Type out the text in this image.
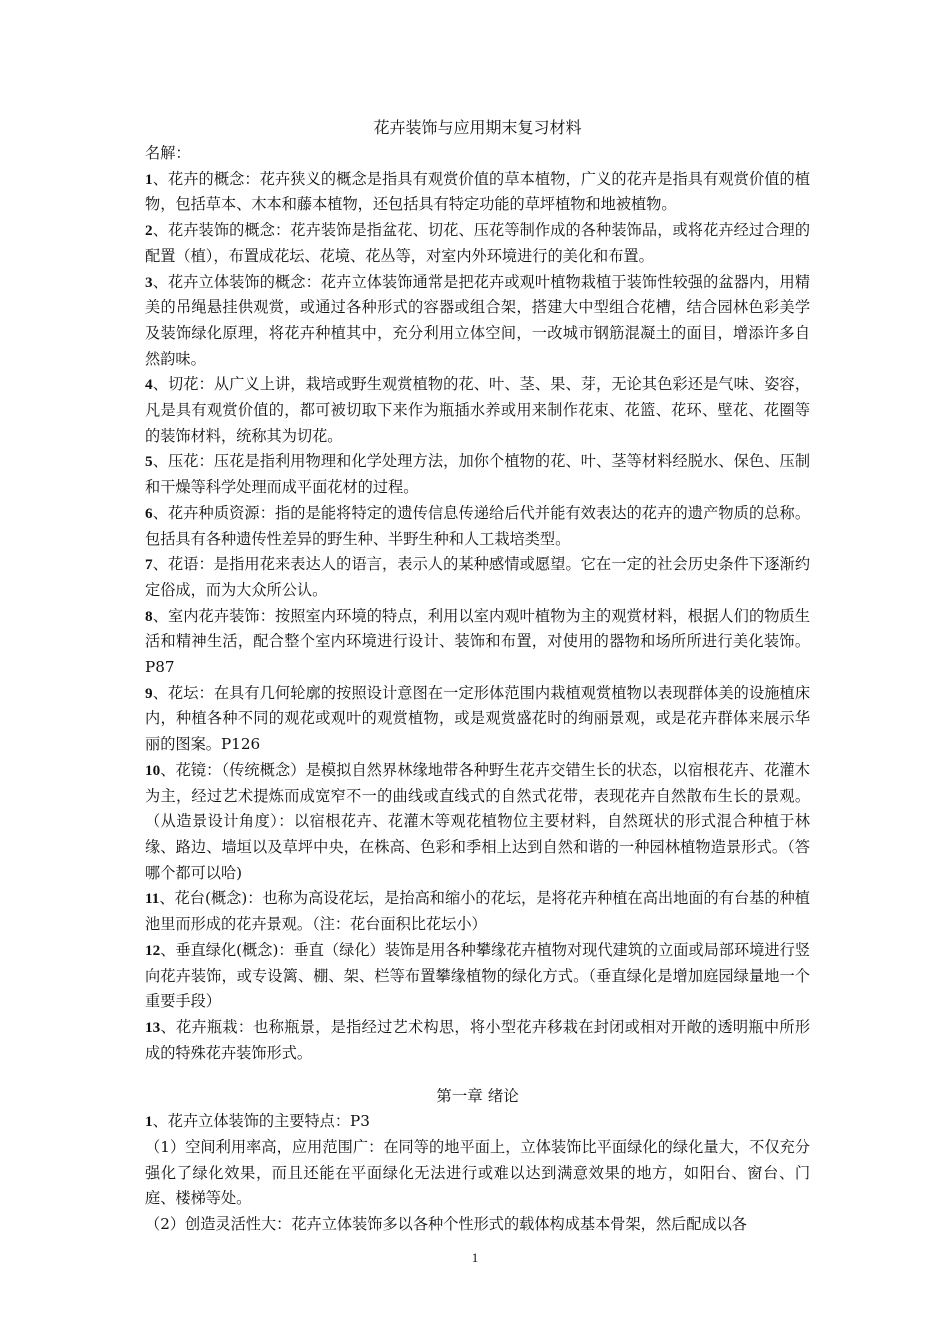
花卉装饰与应用期末复习材料

名解：

1、花卉的概念：花卉狭义的概念是指具有观赏价值的草本植物，广义的花卉是指具有观赏价值的植物，包括草本、木本和藤本植物，还包括具有特定功能的草坪植物和地被植物。

2、花卉装饰的概念：花卉装饰是指盆花、切花、压花等制作成的各种装饰品，或将花卉经过合理的配置（植），布置成花坛、花境、花丛等，对室内外环境进行的美化和布置。

3、花卉立体装饰的概念：花卉立体装饰通常是把花卉或观叶植物栽植于装饰性较强的盆器内，用精美的吊绳悬挂供观赏，或通过各种形式的容器或组合架，搭建大中型组合花槽，结合园林色彩美学及装饰绿化原理，将花卉种植其中，充分利用立体空间，一改城市钢筋混凝土的面目，增添许多自然韵味。

4、切花：从广义上讲，栽培或野生观赏植物的花、叶、茎、果、芽，无论其色彩还是气味、姿容，凡是具有观赏价值的，都可被切取下来作为瓶插水养或用来制作花束、花篮、花环、壁花、花圈等的装饰材料，统称其为切花。

5、压花：压花是指利用物理和化学处理方法，加你个植物的花、叶、茎等材料经脱水、保色、压制和干燥等科学处理而成平面花材的过程。

6、花卉种质资源：指的是能将特定的遗传信息传递给后代并能有效表达的花卉的遗产物质的总称。包括具有各种遗传性差异的野生种、半野生种和人工栽培类型。

7、花语：是指用花来表达人的语言，表示人的某种感情或愿望。它在一定的社会历史条件下逐渐约定俗成，而为大众所公认。

8、室内花卉装饰：按照室内环境的特点，利用以室内观叶植物为主的观赏材料，根据人们的物质生活和精神生活，配合整个室内环境进行设计、装饰和布置，对使用的器物和场所所进行美化装饰。P87

9、花坛：在具有几何轮廓的按照设计意图在一定形体范围内栽植观赏植物以表现群体美的设施植床内，种植各种不同的观花或观叶的观赏植物，或是观赏盛花时的绚丽景观，或是花卉群体来展示华丽的图案。P126

10、花镜：（传统概念）是模拟自然界林缘地带各种野生花卉交错生长的状态，以宿根花卉、花灌木为主，经过艺术提炼而成宽窄不一的曲线或直线式的自然式花带，表现花卉自然散布生长的景观。（从造景设计角度）：以宿根花卉、花灌木等观花植物位主要材料，自然斑状的形式混合种植于林缘、路边、墙垣以及草坪中央，在株高、色彩和季相上达到自然和谐的一种园林植物造景形式。（答哪个都可以哈)

11、花台(概念)：也称为高设花坛，是抬高和缩小的花坛，是将花卉种植在高出地面的有台基的种植池里而形成的花卉景观。（注：花台面积比花坛小）

12、垂直绿化(概念)：垂直（绿化）装饰是用各种攀缘花卉植物对现代建筑的立面或局部环境进行竖向花卉装饰，或专设篱、棚、架、栏等布置攀缘植物的绿化方式。（垂直绿化是增加庭园绿量地一个重要手段）

13、花卉瓶栽：也称瓶景，是指经过艺术构思，将小型花卉移栽在封闭或相对开敞的透明瓶中所形成的特殊花卉装饰形式。

第一章 绪论

1、花卉立体装饰的主要特点：P3

（1）空间利用率高，应用范围广：在同等的地平面上，立体装饰比平面绿化的绿化量大，不仅充分强化了绿化效果，而且还能在平面绿化无法进行或难以达到满意效果的地方，如阳台、窗台、门庭、楼梯等处。

（2）创造灵活性大：花卉立体装饰多以各种个性形式的载体构成基本骨架，然后配成以各

1
